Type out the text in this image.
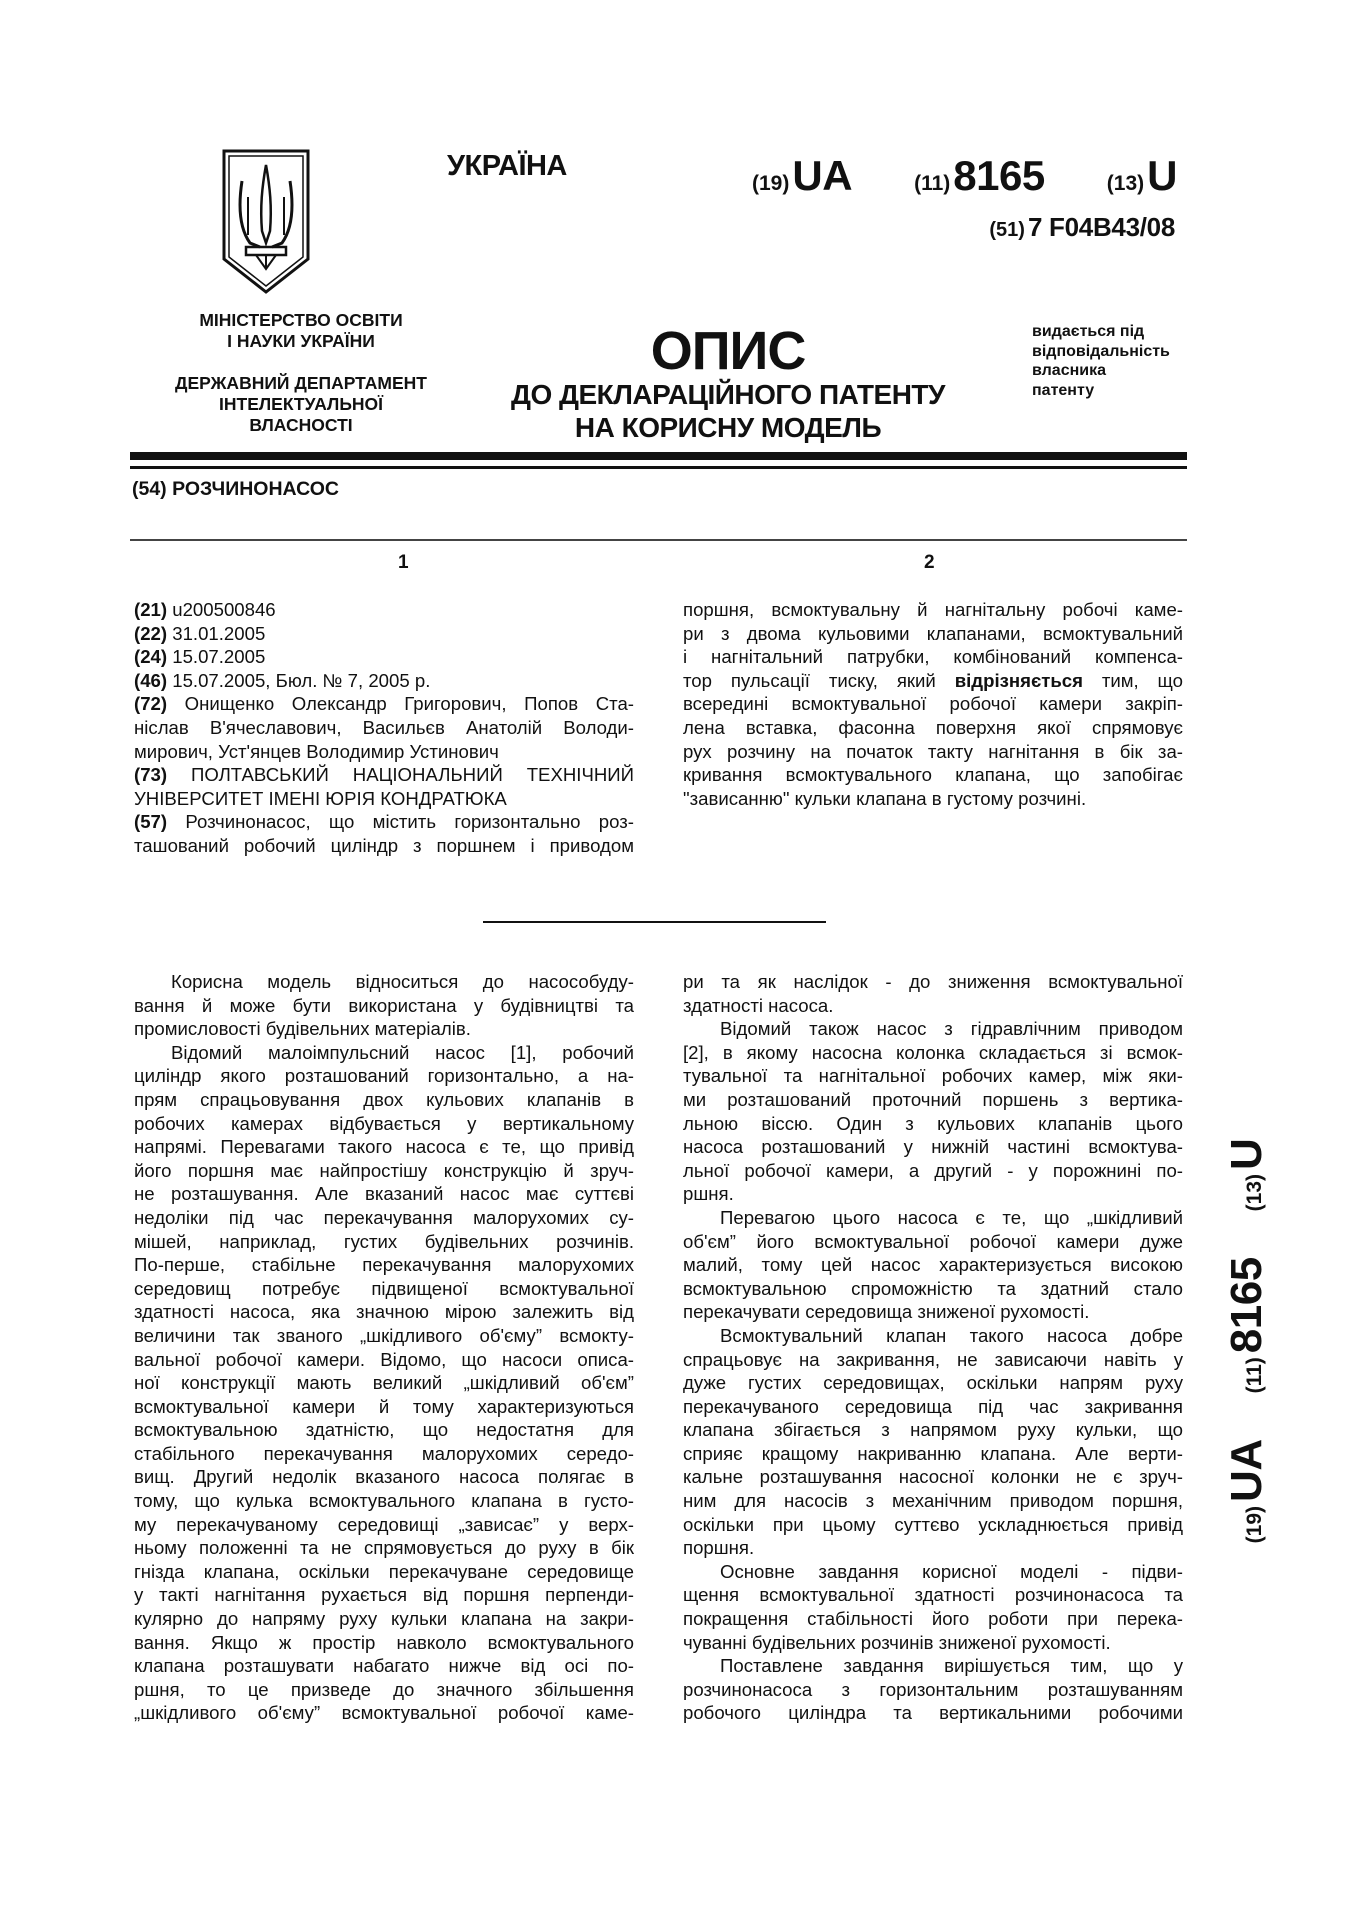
УКРАЇНА
(19) UA	(11) 8165	(13) U
(51) 7 F04B43/08
МІНІСТЕРСТВО ОСВІТИ
І НАУКИ УКРАЇНИ
ДЕРЖАВНИЙ ДЕПАРТАМЕНТ
ІНТЕЛЕКТУАЛЬНОЇ
ВЛАСНОСТІ
ОПИС
ДО ДЕКЛАРАЦІЙНОГО ПАТЕНТУ
НА КОРИСНУ МОДЕЛЬ
видається під
відповідальність
власника
патенту
(54) РОЗЧИНОНАСОС
1	2
(21) u200500846
(22) 31.01.2005
(24) 15.07.2005
(46) 15.07.2005, Бюл. № 7, 2005 р.
(72) Онищенко Олександр Григорович, Попов Ста-
ніслав В'ячеславович, Васильєв Анатолій Володи-
мирович, Уст'янцев Володимир Устинович
(73) ПОЛТАВСЬКИЙ НАЦІОНАЛЬНИЙ ТЕХНІЧНИЙ
УНІВЕРСИТЕТ ІМЕНІ ЮРІЯ КОНДРАТЮКА
(57) Розчинонасос, що містить горизонтально роз-
ташований робочий циліндр з поршнем і приводом
поршня, всмоктувальну й нагнітальну робочі каме-
ри з двома кульовими клапанами, всмоктувальний
і нагнітальний патрубки, комбінований компенса-
тор пульсації тиску, який відрізняється тим, що
всередині всмоктувальної робочої камери закріп-
лена вставка, фасонна поверхня якої спрямовує
рух розчину на початок такту нагнітання в бік за-
кривання всмоктувального клапана, що запобігає
"зависанню" кульки клапана в густому розчині.
Корисна модель відноситься до насособуду-
вання й може бути використана у будівництві та
промисловості будівельних матеріалів.
Відомий малоімпульсний насос [1], робочий
циліндр якого розташований горизонтально, а на-
прям спрацьовування двох кульових клапанів в
робочих камерах відбувається у вертикальному
напрямі. Перевагами такого насоса є те, що привід
його поршня має найпростішу конструкцію й зруч-
не розташування. Але вказаний насос має суттєві
недоліки під час перекачування малорухомих су-
мішей, наприклад, густих будівельних розчинів.
По-перше, стабільне перекачування малорухомих
середовищ потребує підвищеної всмоктувальної
здатності насоса, яка значною мірою залежить від
величини так званого „шкідливого об'єму” всмокту-
вальної робочої камери. Відомо, що насоси описа-
ної конструкції мають великий „шкідливий об'єм”
всмоктувальної камери й тому характеризуються
всмоктувальною здатністю, що недостатня для
стабільного перекачування малорухомих середо-
вищ. Другий недолік вказаного насоса полягає в
тому, що кулька всмоктувального клапана в густо-
му перекачуваному середовищі „зависає” у верх-
ньому положенні та не спрямовується до руху в бік
гнізда клапана, оскільки перекачуване середовище
у такті нагнітання рухається від поршня перпенди-
кулярно до напряму руху кульки клапана на закри-
вання. Якщо ж простір навколо всмоктувального
клапана розташувати набагато нижче від осі по-
ршня, то це призведе до значного збільшення
„шкідливого об'єму” всмоктувальної робочої каме-
ри та як наслідок - до зниження всмоктувальної
здатності насоса.
Відомий також насос з гідравлічним приводом
[2], в якому насосна колонка складається зі всмок-
тувальної та нагнітальної робочих камер, між яки-
ми розташований проточний поршень з вертика-
льною віссю. Один з кульових клапанів цього
насоса розташований у нижній частині всмоктува-
льної робочої камери, а другий - у порожнині по-
ршня.
Перевагою цього насоса є те, що „шкідливий
об'єм” його всмоктувальної робочої камери дуже
малий, тому цей насос характеризується високою
всмоктувальною спроможністю та здатний стало
перекачувати середовища зниженої рухомості.
Всмоктувальний клапан такого насоса добре
спрацьовує на закривання, не зависаючи навіть у
дуже густих середовищах, оскільки напрям руху
перекачуваного середовища під час закривання
клапана збігається з напрямом руху кульки, що
сприяє кращому накриванню клапана. Але верти-
кальне розташування насосної колонки не є зруч-
ним для насосів з механічним приводом поршня,
оскільки при цьому суттєво ускладнюється привід
поршня.
Основне завдання корисної моделі - підви-
щення всмоктувальної здатності розчинонасоса та
покращення стабільності його роботи при перека-
чуванні будівельних розчинів зниженої рухомості.
Поставлене завдання вирішується тим, що у
розчинонасоса з горизонтальним розташуванням
робочого циліндра та вертикальними робочими
(19)
UA
(11)
8165
(13)
U
